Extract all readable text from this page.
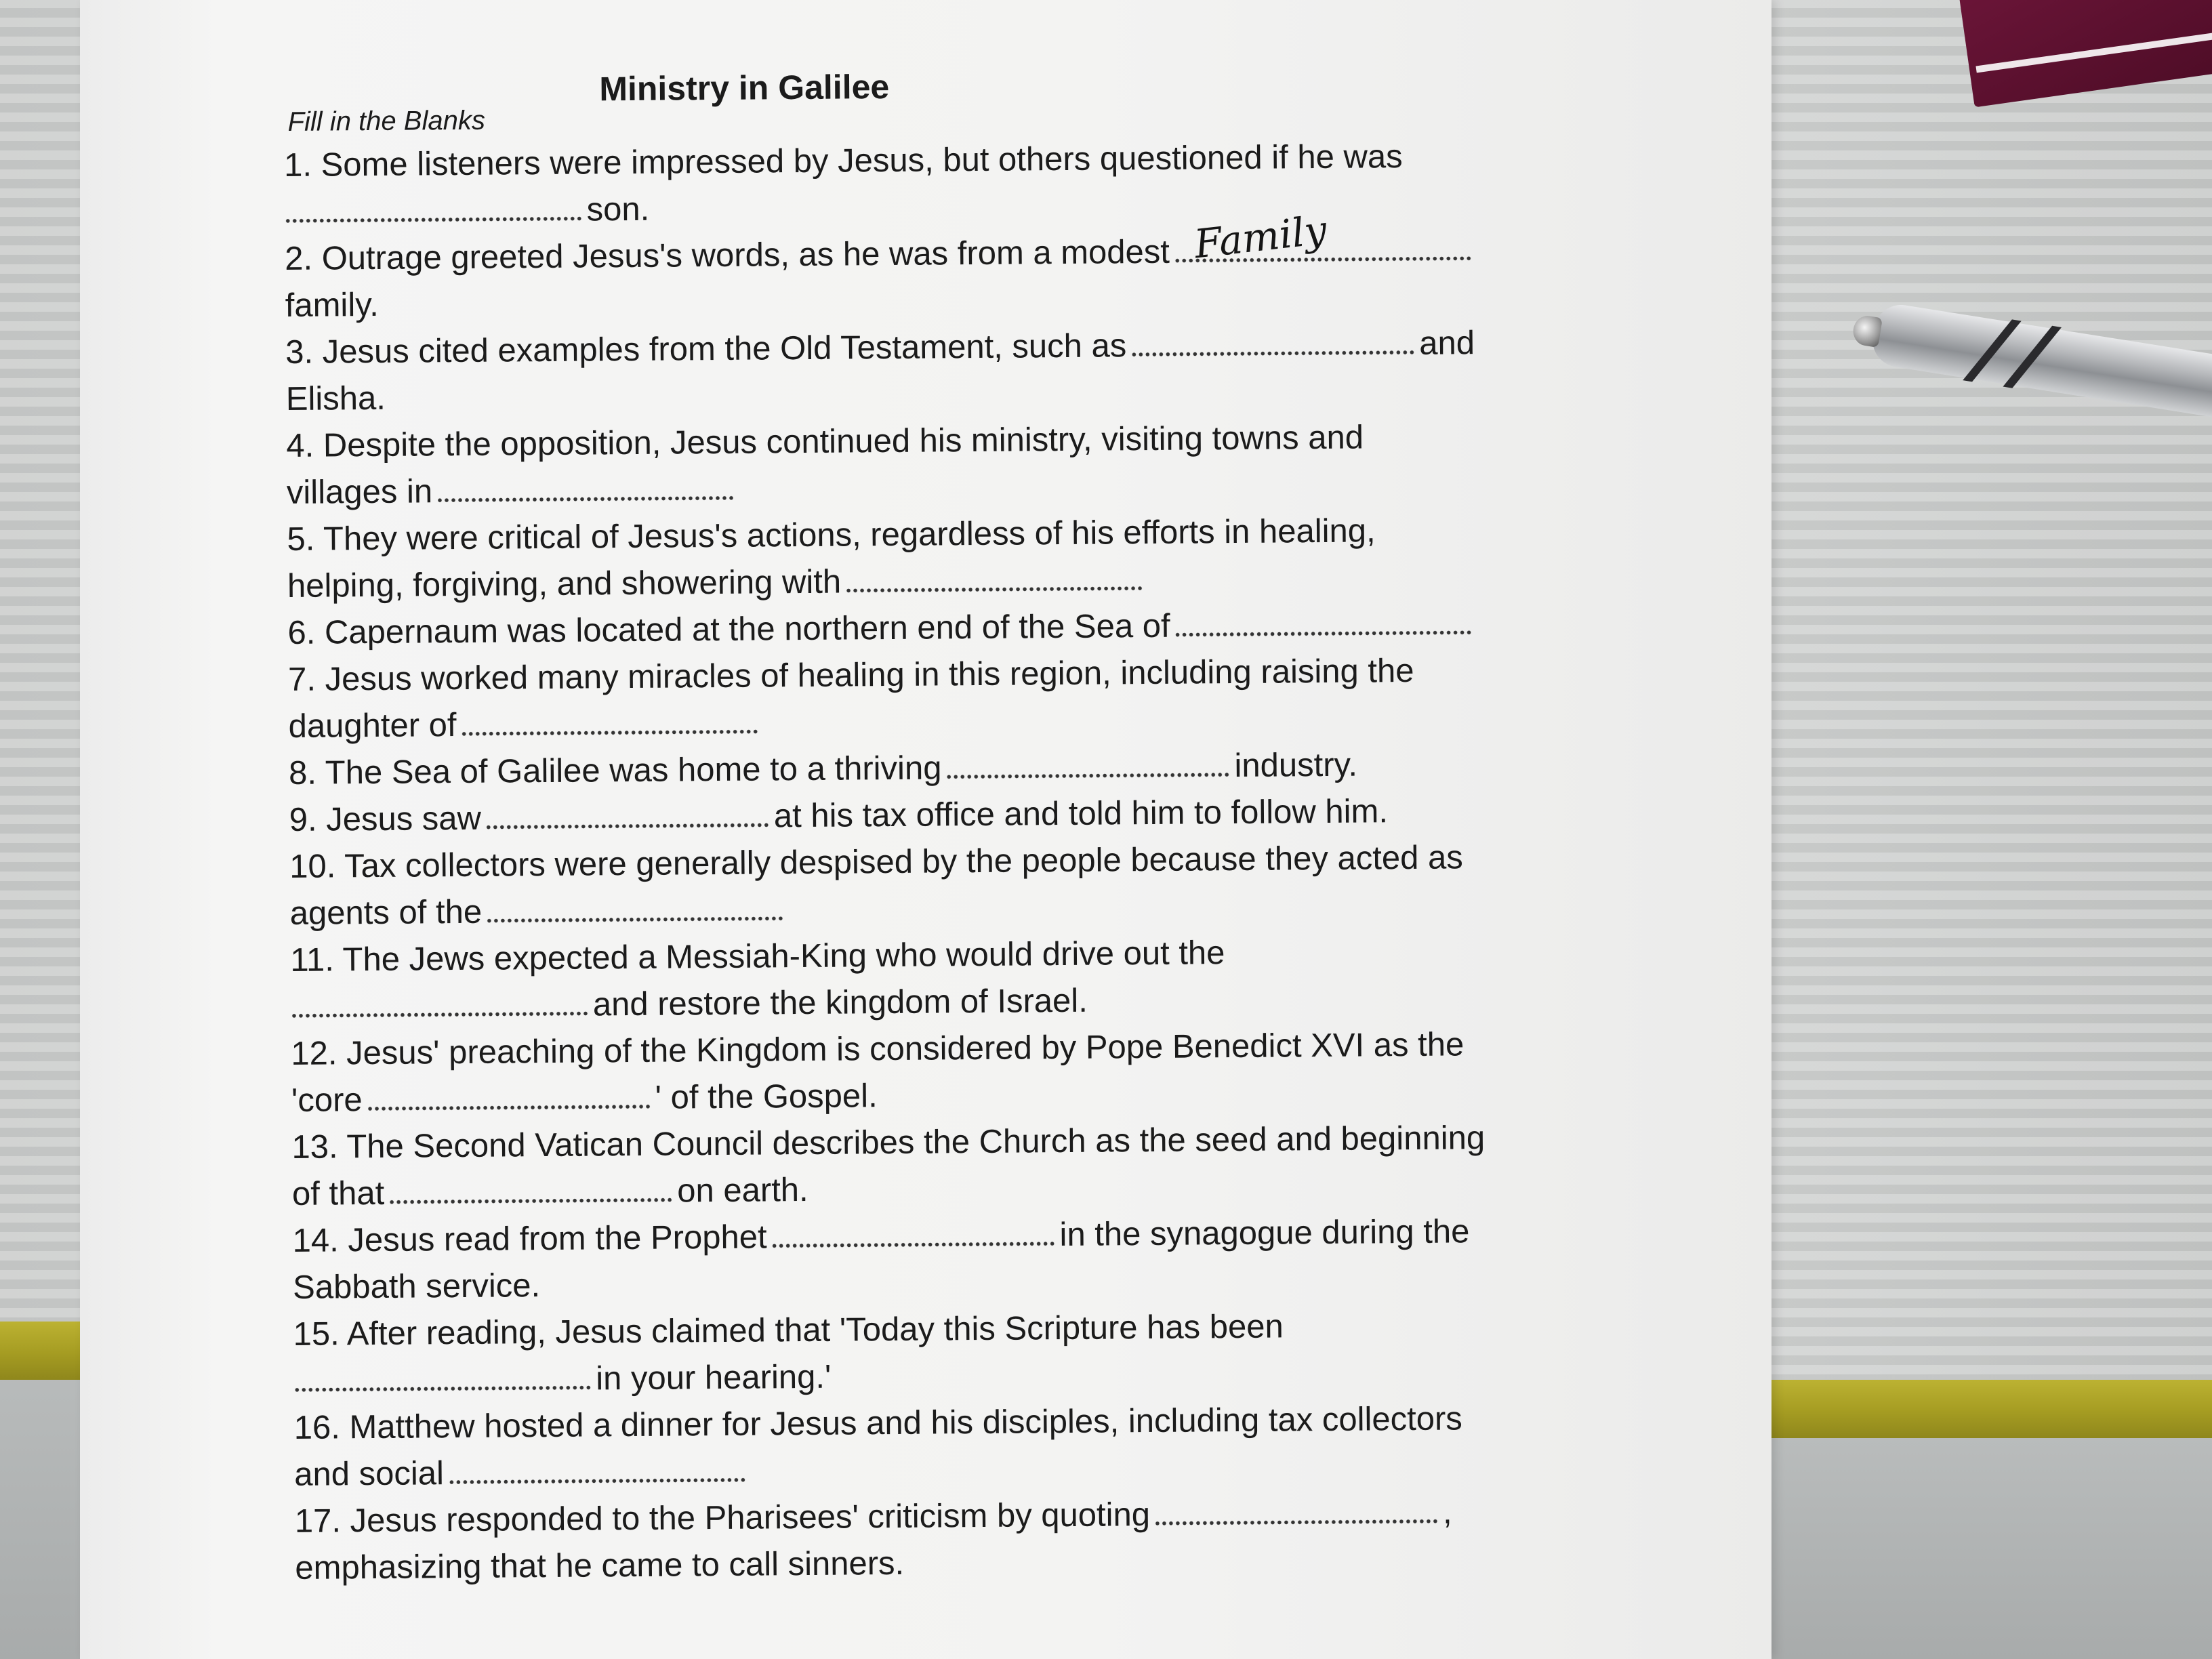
Ministry in Galilee
Fill in the Blanks
1. Some listeners were impressed by Jesus, but others questioned if he was
son.
2. Outrage greeted Jesus's words, as he was from a modest Family
family.
3. Jesus cited examples from the Old Testament, such as	and
Elisha.
4. Despite the opposition, Jesus continued his ministry, visiting towns and
villages in
5. They were critical of Jesus's actions, regardless of his efforts in healing,
helping, forgiving, and showering with
6. Capernaum was located at the northern end of the Sea of
7. Jesus worked many miracles of healing in this region, including raising the
daughter of
8. The Sea of Galilee was home to a thriving	industry.
9. Jesus saw	at his tax office and told him to follow him.
10. Tax collectors were generally despised by the people because they acted as
agents of the
11. The Jews expected a Messiah-King who would drive out the
and restore the kingdom of Israel.
12. Jesus' preaching of the Kingdom is considered by Pope Benedict XVI as the
'core	' of the Gospel.
13. The Second Vatican Council describes the Church as the seed and beginning
of that	on earth.
14. Jesus read from the Prophet	in the synagogue during the
Sabbath service.
15. After reading, Jesus claimed that 'Today this Scripture has been
in your hearing.'
16. Matthew hosted a dinner for Jesus and his disciples, including tax collectors
and social
17. Jesus responded to the Pharisees' criticism by quoting	,
emphasizing that he came to call sinners.
